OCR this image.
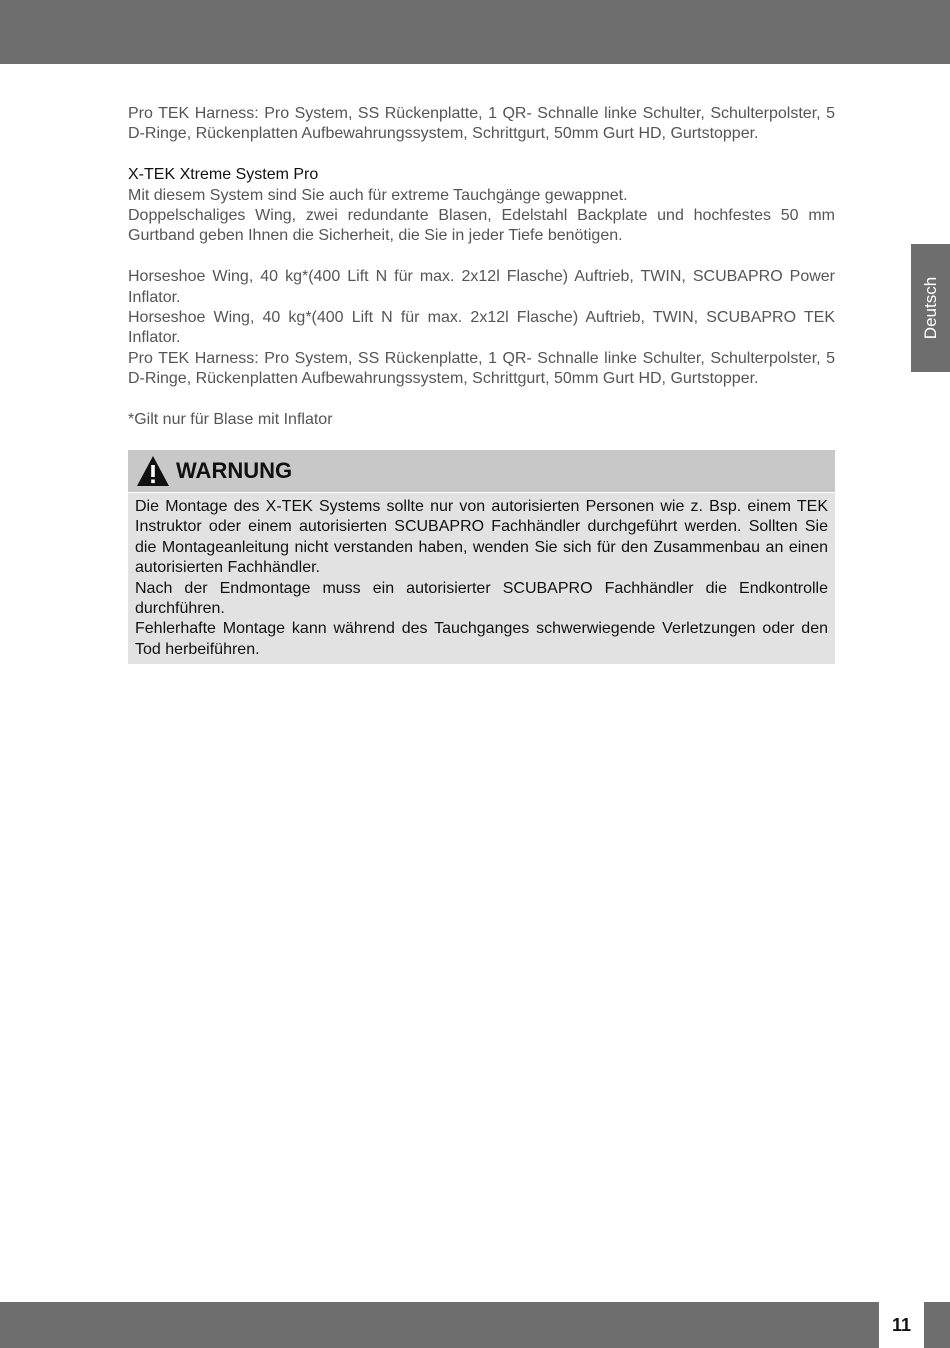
Deutsch

Pro TEK Harness: Pro System, SS Rückenplatte, 1 QR- Schnalle linke Schulter, Schulterpolster, 5 D-Ringe, Rückenplatten Aufbewahrungssystem, Schrittgurt, 50mm Gurt HD, Gurtstopper.

X-TEK Xtreme System Pro

Mit diesem System sind Sie auch für extreme Tauchgänge gewappnet.

Doppelschaliges Wing, zwei redundante Blasen, Edelstahl Backplate und hochfestes 50 mm Gurtband geben Ihnen die Sicherheit, die Sie in jeder Tiefe benötigen.

Horseshoe Wing, 40 kg*(400 Lift N für max. 2x12l Flasche) Auftrieb, TWIN, SCUBAPRO Power Inflator.

Horseshoe Wing, 40 kg*(400 Lift N für max. 2x12l Flasche) Auftrieb, TWIN, SCUBAPRO TEK Inflator.

Pro TEK Harness: Pro System, SS Rückenplatte, 1 QR- Schnalle linke Schulter, Schulterpolster, 5 D-Ringe, Rückenplatten Aufbewahrungssystem, Schrittgurt, 50mm Gurt HD, Gurtstopper.

*Gilt nur für Blase mit Inflator

WARNUNG

Die Montage des X-TEK Systems sollte nur von autorisierten Personen wie z. Bsp. einem TEK Instruktor oder einem autorisierten SCUBAPRO Fachhändler durchgeführt werden. Sollten Sie die Montageanleitung nicht verstanden haben, wenden Sie sich für den Zusammenbau an einen autorisierten Fachhändler.

Nach der Endmontage muss ein autorisierter SCUBAPRO Fachhändler die Endkontrolle durchführen.

Fehlerhafte Montage kann während des Tauchganges schwerwiegende Verletzungen oder den Tod herbeiführen.

11
